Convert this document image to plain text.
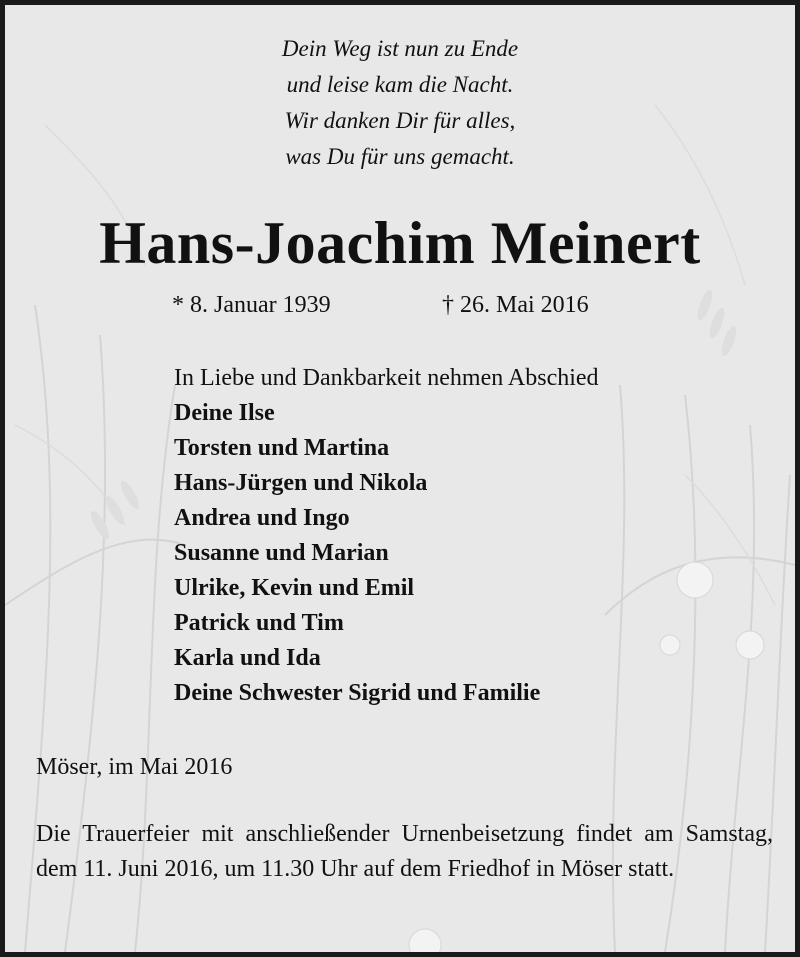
Dein Weg ist nun zu Ende
und leise kam die Nacht.
Wir danken Dir für alles,
was Du für uns gemacht.
Hans-Joachim Meinert
* 8. Januar 1939	† 26. Mai 2016
In Liebe und Dankbarkeit nehmen Abschied
Deine Ilse
Torsten und Martina
Hans-Jürgen und Nikola
Andrea und Ingo
Susanne und Marian
Ulrike, Kevin und Emil
Patrick und Tim
Karla und Ida
Deine Schwester Sigrid und Familie
Möser, im Mai 2016
Die Trauerfeier mit anschließender Urnenbeisetzung findet am Samstag, dem 11. Juni 2016, um 11.30 Uhr auf dem Friedhof in Möser statt.
